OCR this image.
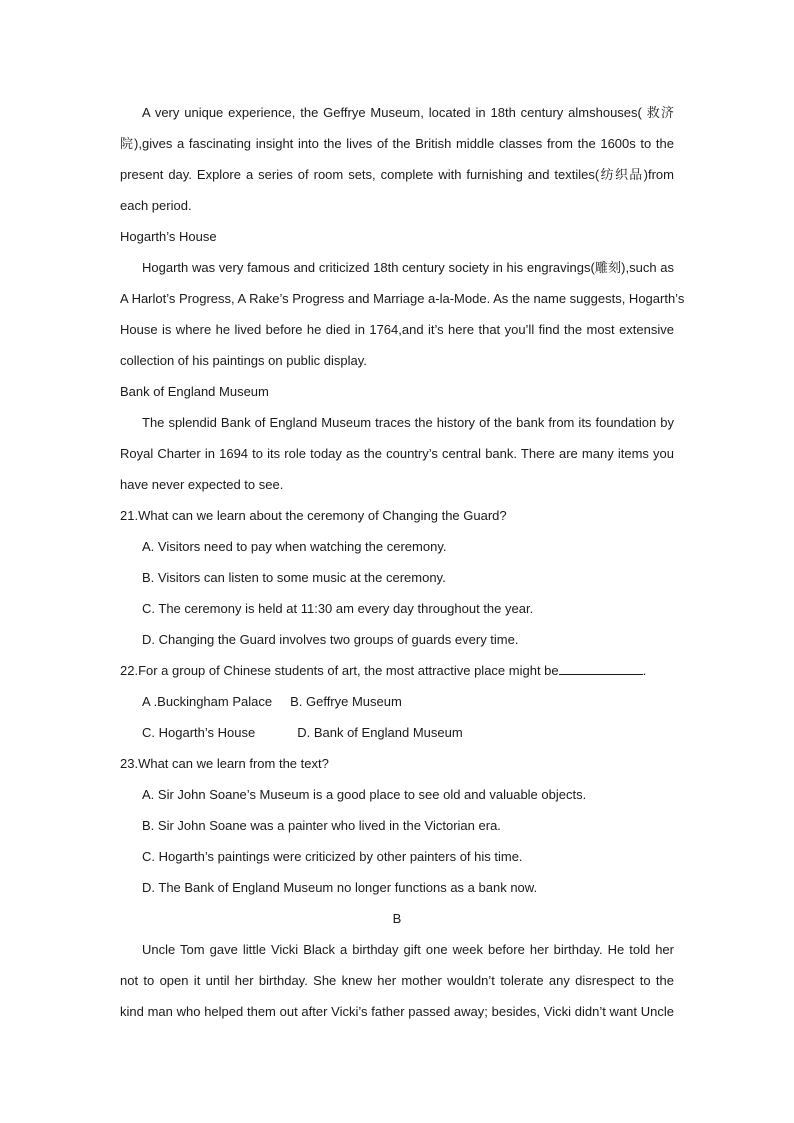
A very unique experience, the Geffrye Museum, located in 18th century almshouses( 救济
院),gives a fascinating insight into the lives of the British middle classes from the 1600s to the
present day. Explore a series of room sets, complete with furnishing and textiles(纺织品)from
each period.
Hogarth’s House
Hogarth was very famous and criticized 18th century society in his engravings(雕刻),such as
A Harlot’s Progress, A Rake’s Progress and Marriage a-la-Mode. As the name suggests, Hogarth’s
House is where he lived before he died in 1764,and it’s here that you’ll find the most extensive
collection of his paintings on public display.
Bank of England Museum
The splendid Bank of England Museum traces the history of the bank from its foundation by
Royal Charter in 1694 to its role today as the country’s central bank. There are many items you
have never expected to see.
21.What can we learn about the ceremony of Changing the Guard?
A. Visitors need to pay when watching the ceremony.
B. Visitors can listen to some music at the ceremony.
C. The ceremony is held at 11:30 am every day throughout the year.
D. Changing the Guard involves two groups of guards every time.
22.For a group of Chinese students of art, the most attractive place might be	.
A .Buckingham Palace B. Geffrye Museum
C. Hogarth’s House	D. Bank of England Museum
23.What can we learn from the text?
A. Sir John Soane’s Museum is a good place to see old and valuable objects.
B. Sir John Soane was a painter who lived in the Victorian era.
C. Hogarth’s paintings were criticized by other painters of his time.
D. The Bank of England Museum no longer functions as a bank now.
B
Uncle Tom gave little Vicki Black a birthday gift one week before her birthday. He told her
not to open it until her birthday. She knew her mother wouldn’t tolerate any disrespect to the
kind man who helped them out after Vicki’s father passed away; besides, Vicki didn’t want Uncle
